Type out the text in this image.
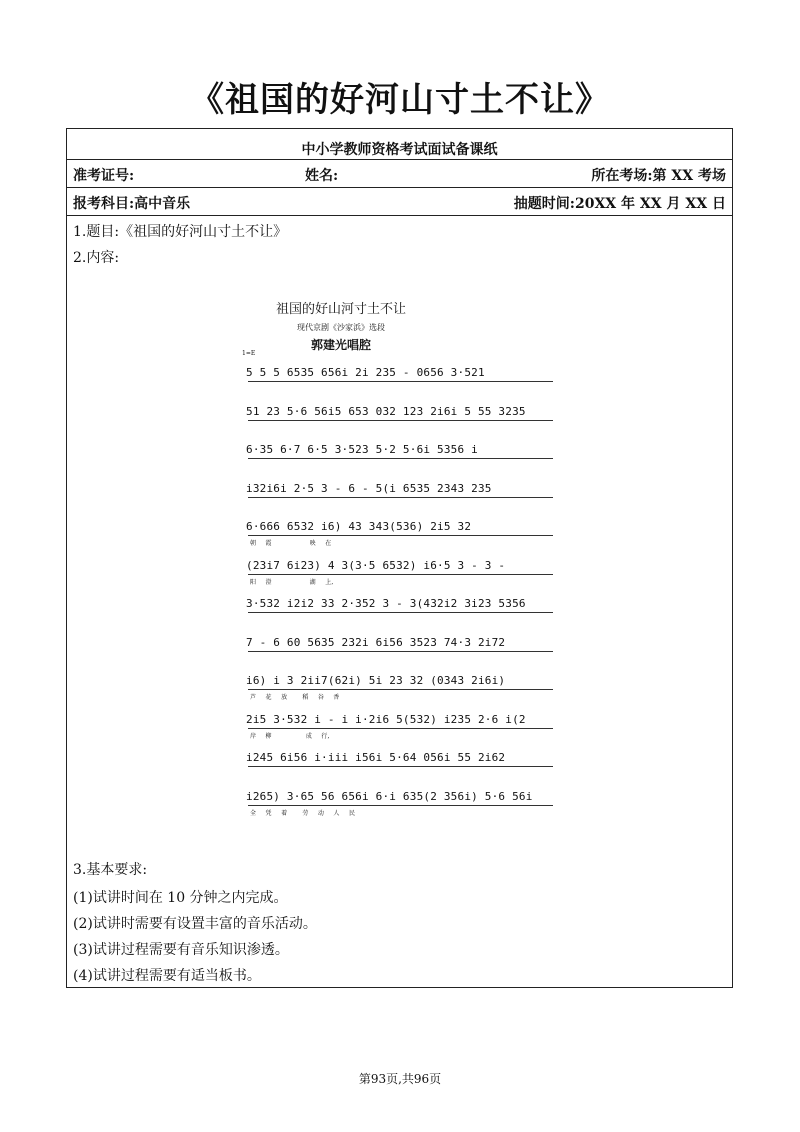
《祖国的好河山寸土不让》
中小学教师资格考试面试备课纸
准考证号:	姓名:	所在考场:第 XX 考场
报考科目:高中音乐	抽题时间:20XX 年 XX 月 XX 日
1.题目:《祖国的好河山寸土不让》
2.内容:
3.基本要求:
(1)试讲时间在 10 分钟之内完成。
(2)试讲时需要有设置丰富的音乐活动。
(3)试讲过程需要有音乐知识渗透。
(4)试讲过程需要有适当板书。
祖国的好山河寸土不让
现代京剧《沙家浜》选段
郭建光唱腔
1=E
5 5 5 6535 656i 2i 235 - 0656 3·521
51 23 5·6 56i5 653 032 123 2i6i 5 55 3235
6·35 6·7 6·5 3·523 5·2 5·6i 5356 i
i32i6i 2·5 3 - 6 - 5(i 6535 2343 235
6·666 6532 i6) 43 343(536) 2i5 32
朝     霞                    映     在
(23i7 6i23) 4 3(3·5 6532) i6·5 3 - 3 -
阳     澄                    湖     上,
3·532 i2i2 33 2·352 3 - 3(432i2 3i23 5356
7 - 6 60 5635 232i 6i56 3523 74·3 2i72
i6) i 3 2ii7(62i) 5i 23 32 (0343 2i6i)
芦     花     放        稻     谷     香
2i5 3·532 i - i i·2i6 5(532) i235 2·6 i(2
岸     柳                  成     行,
i245 6i56 i·iii i56i 5·64 056i 55 2i62
i265) 3·65 56 656i 6·i 635(2 356i) 5·6 56i
全     凭     着        劳     动     人     民
第93页,共96页
